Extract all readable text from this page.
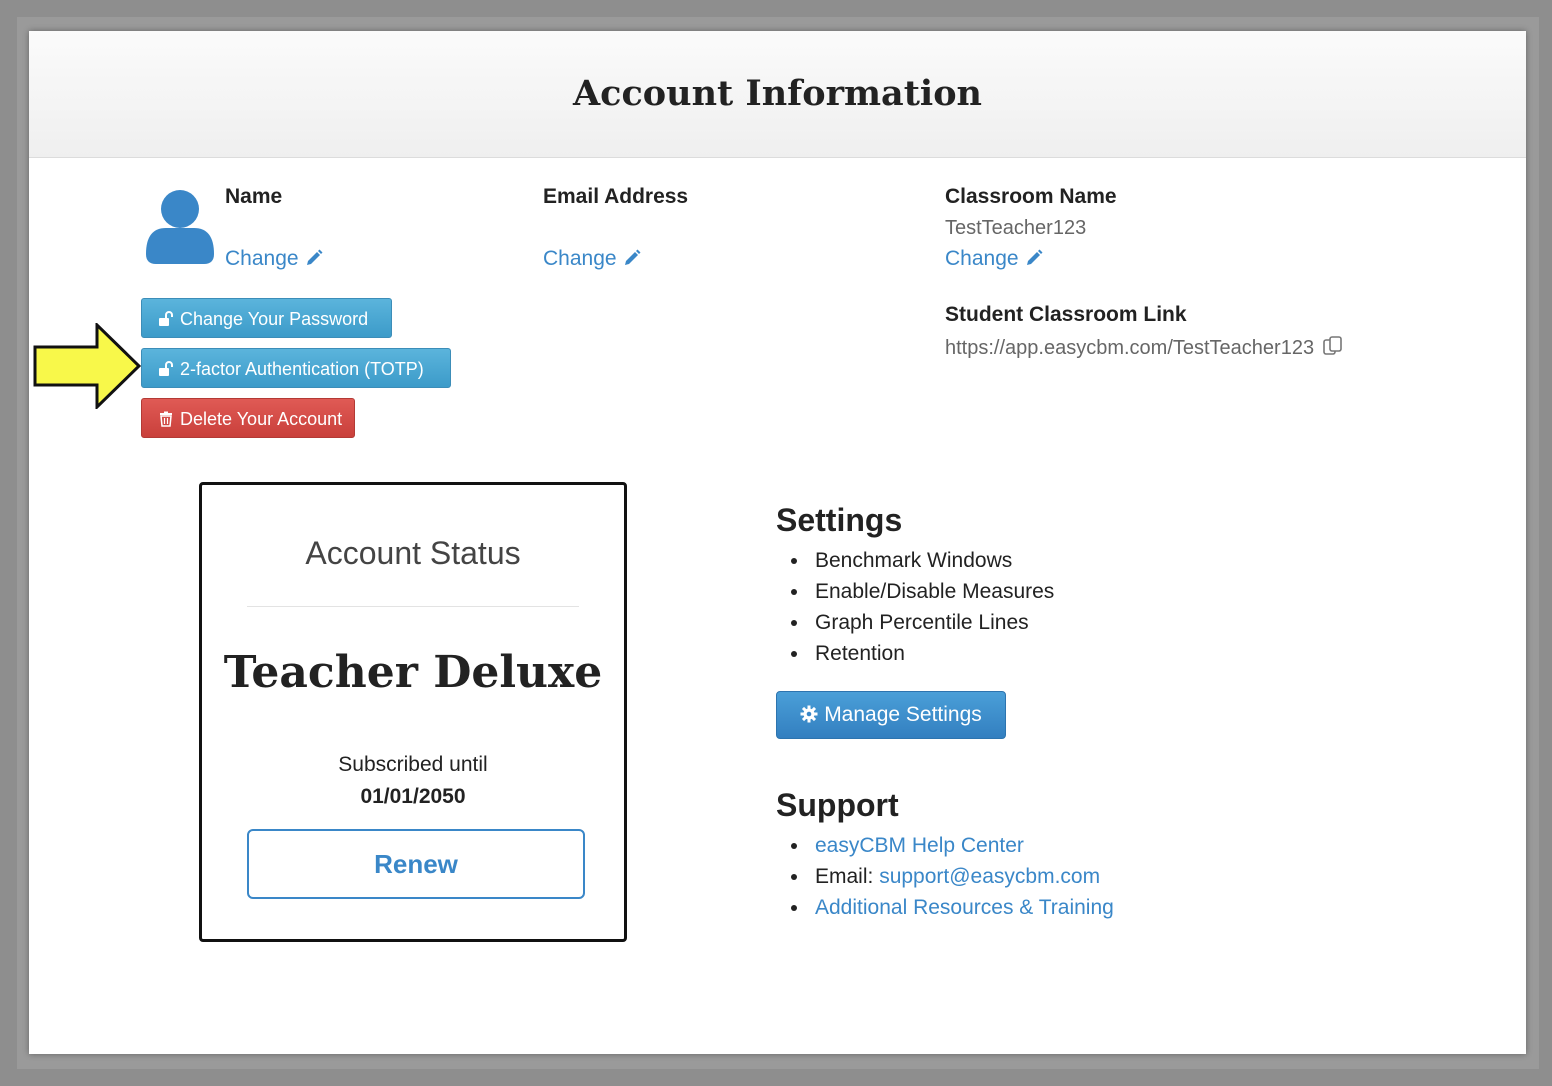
Account Information
Name
Change
Email Address
Change
Classroom Name
TestTeacher123
Change
Student Classroom Link
https://app.easycbm.com/TestTeacher123
Change Your Password
2-factor Authentication (TOTP)
Delete Your Account
Account Status
Teacher Deluxe
Subscribed until
01/01/2050
Renew
Settings
Benchmark Windows
Enable/Disable Measures
Graph Percentile Lines
Retention
Manage Settings
Support
easyCBM Help Center
Email: support@easycbm.com
Additional Resources & Training
